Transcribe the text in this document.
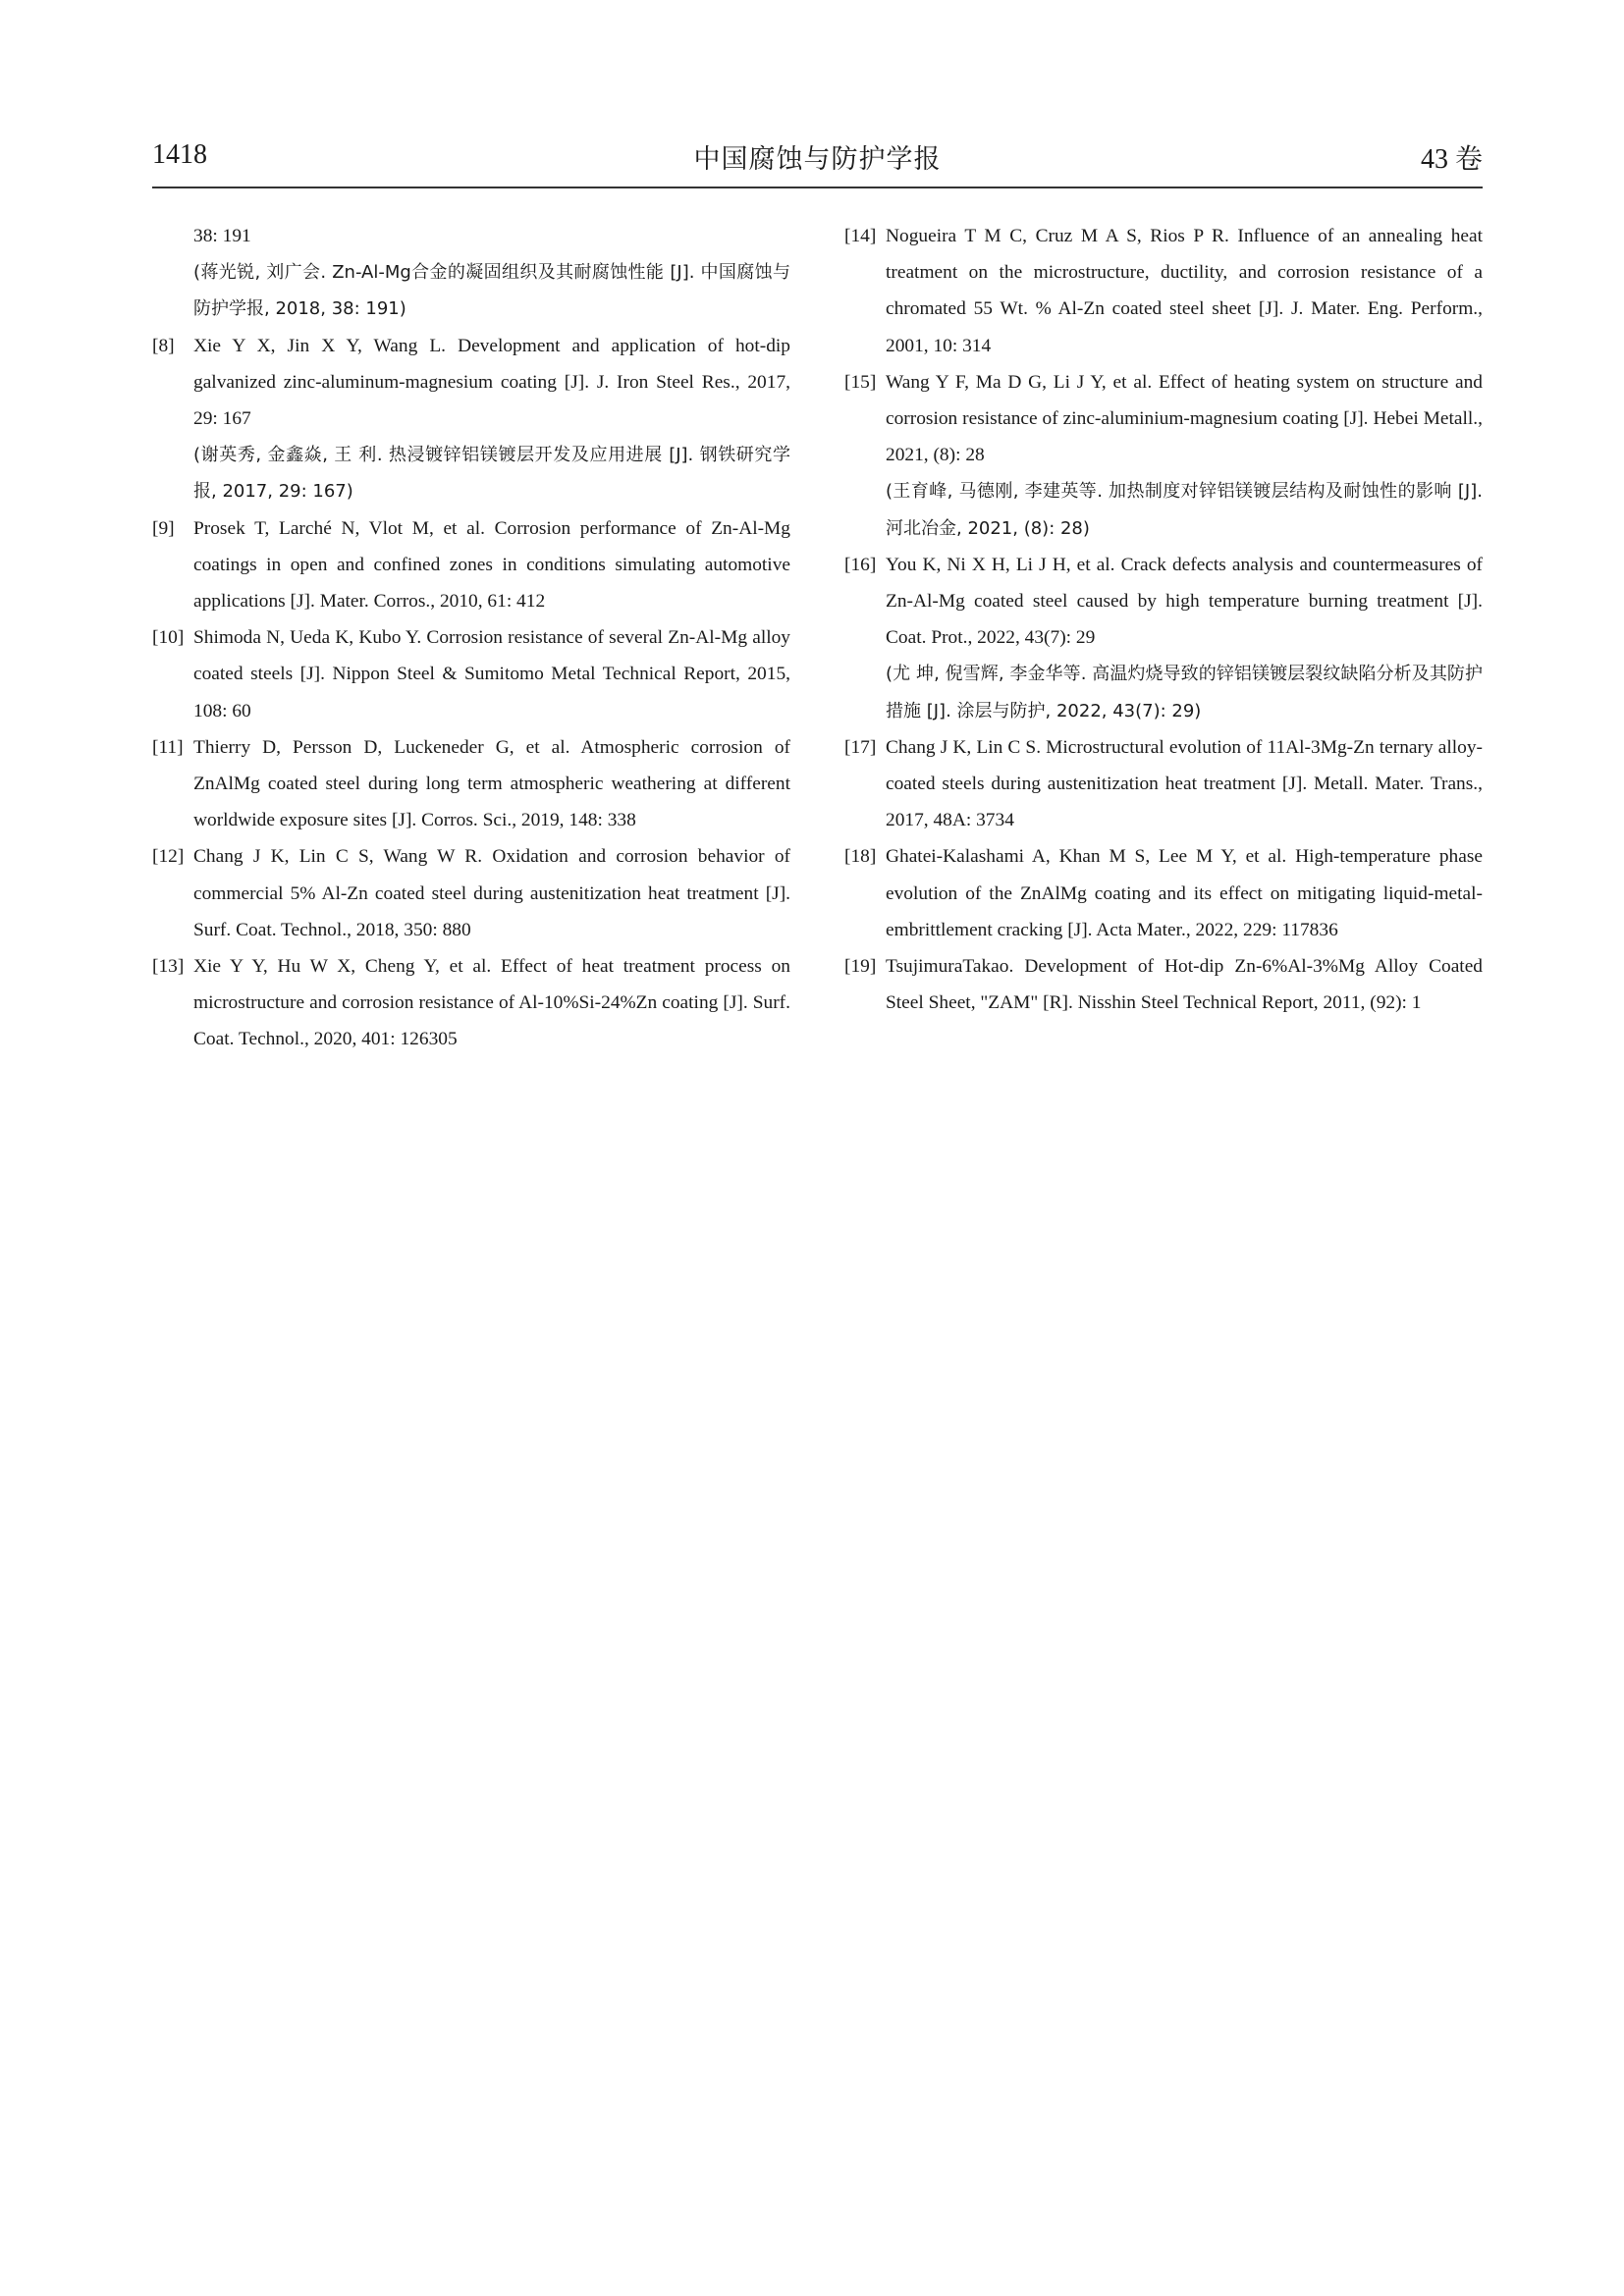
1418	中国腐蚀与防护学报	43 卷
38: 191
(蒋光锐, 刘广会. Zn-Al-Mg合金的凝固组织及其耐腐蚀性能 [J]. 中国腐蚀与防护学报, 2018, 38: 191)
[8] Xie Y X, Jin X Y, Wang L. Development and application of hot-dip galvanized zinc-aluminum-magnesium coating [J]. J. Iron Steel Res., 2017, 29: 167
(谢英秀, 金鑫焱, 王 利. 热浸镀锌铝镁镀层开发及应用进展 [J]. 钢铁研究学报, 2017, 29: 167)
[9] Prosek T, Larché N, Vlot M, et al. Corrosion performance of Zn-Al-Mg coatings in open and confined zones in conditions simulating automotive applications [J]. Mater. Corros., 2010, 61: 412
[10] Shimoda N, Ueda K, Kubo Y. Corrosion resistance of several Zn-Al-Mg alloy coated steels [J]. Nippon Steel & Sumitomo Metal Technical Report, 2015, 108: 60
[11] Thierry D, Persson D, Luckeneder G, et al. Atmospheric corrosion of ZnAlMg coated steel during long term atmospheric weathering at different worldwide exposure sites [J]. Corros. Sci., 2019, 148: 338
[12] Chang J K, Lin C S, Wang W R. Oxidation and corrosion behavior of commercial 5% Al-Zn coated steel during austenitization heat treatment [J]. Surf. Coat. Technol., 2018, 350: 880
[13] Xie Y Y, Hu W X, Cheng Y, et al. Effect of heat treatment process on microstructure and corrosion resistance of Al-10%Si-24%Zn coating [J]. Surf. Coat. Technol., 2020, 401: 126305
[14] Nogueira T M C, Cruz M A S, Rios P R. Influence of an annealing heat treatment on the microstructure, ductility, and corrosion resistance of a chromated 55 Wt. % Al-Zn coated steel sheet [J]. J. Mater. Eng. Perform., 2001, 10: 314
[15] Wang Y F, Ma D G, Li J Y, et al. Effect of heating system on structure and corrosion resistance of zinc-aluminium-magnesium coating [J]. Hebei Metall., 2021, (8): 28
(王育峰, 马德刚, 李建英等. 加热制度对锌铝镁镀层结构及耐蚀性的影响 [J]. 河北冶金, 2021, (8): 28)
[16] You K, Ni X H, Li J H, et al. Crack defects analysis and countermeasures of Zn-Al-Mg coated steel caused by high temperature burning treatment [J]. Coat. Prot., 2022, 43(7): 29
(尤 坤, 倪雪辉, 李金华等. 高温灼烧导致的锌铝镁镀层裂纹缺陷分析及其防护措施 [J]. 涂层与防护, 2022, 43(7): 29)
[17] Chang J K, Lin C S. Microstructural evolution of 11Al-3Mg-Zn ternary alloy-coated steels during austenitization heat treatment [J]. Metall. Mater. Trans., 2017, 48A: 3734
[18] Ghatei-Kalashami A, Khan M S, Lee M Y, et al. High-temperature phase evolution of the ZnAlMg coating and its effect on mitigating liquid-metal-embrittlement cracking [J]. Acta Mater., 2022, 229: 117836
[19] TsujimuraTakao. Development of Hot-dip Zn-6%Al-3%Mg Alloy Coated Steel Sheet, "ZAM" [R]. Nisshin Steel Technical Report, 2011, (92): 1
